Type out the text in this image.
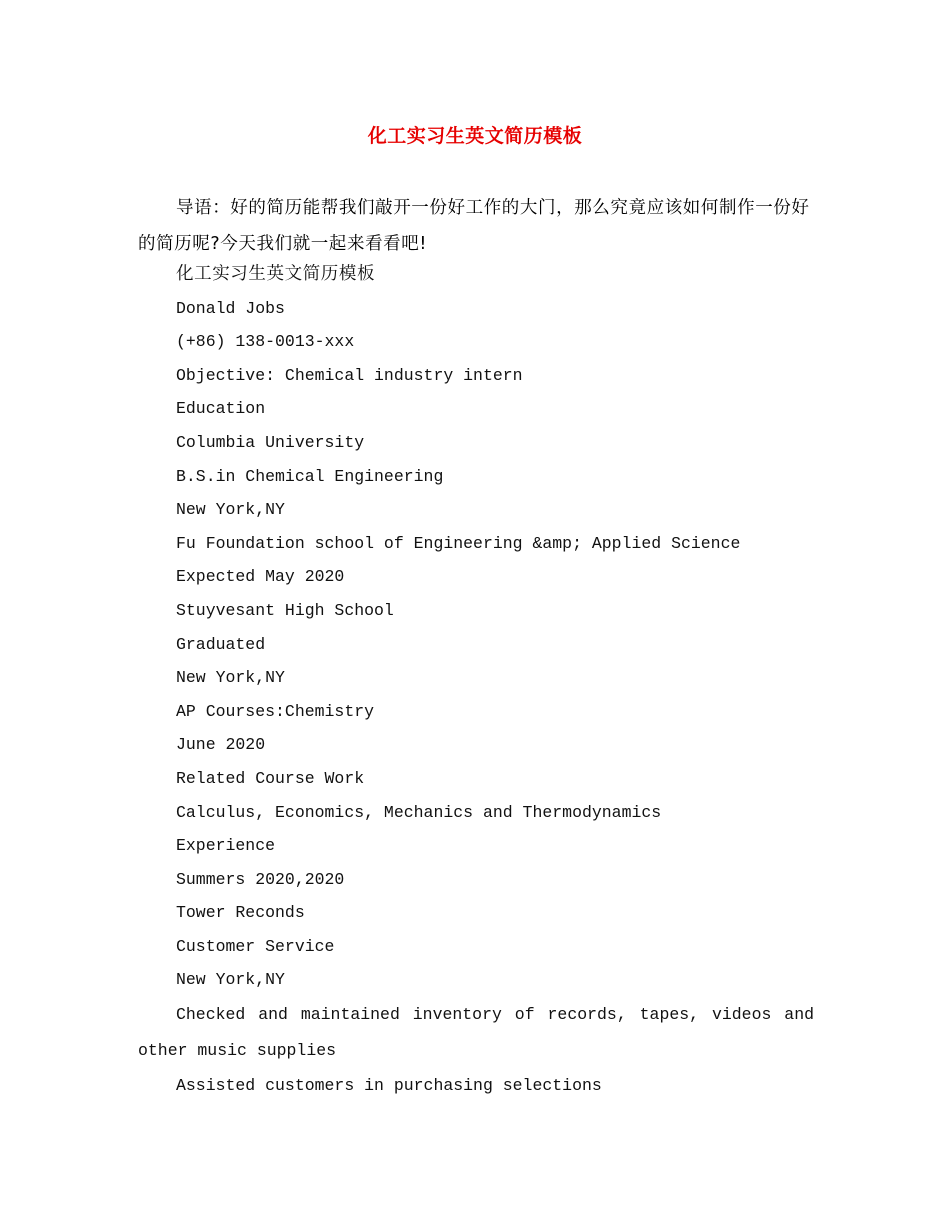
化工实习生英文简历模板
导语：好的简历能帮我们敲开一份好工作的大门，那么究竟应该如何制作一份好的简历呢?今天我们就一起来看看吧!
化工实习生英文简历模板
Donald Jobs
(+86) 138-0013-xxx
Objective: Chemical industry intern
Education
Columbia University
B.S.in Chemical Engineering
New York,NY
Fu Foundation school of Engineering &amp; Applied Science
Expected May 2020
Stuyvesant High School
Graduated
New York,NY
AP Courses:Chemistry
June 2020
Related Course Work
Calculus, Economics, Mechanics and Thermodynamics
Experience
Summers 2020,2020
Tower Reconds
Customer Service
New York,NY
Checked and maintained inventory of records, tapes, videos and other music supplies
Assisted customers in purchasing selections
